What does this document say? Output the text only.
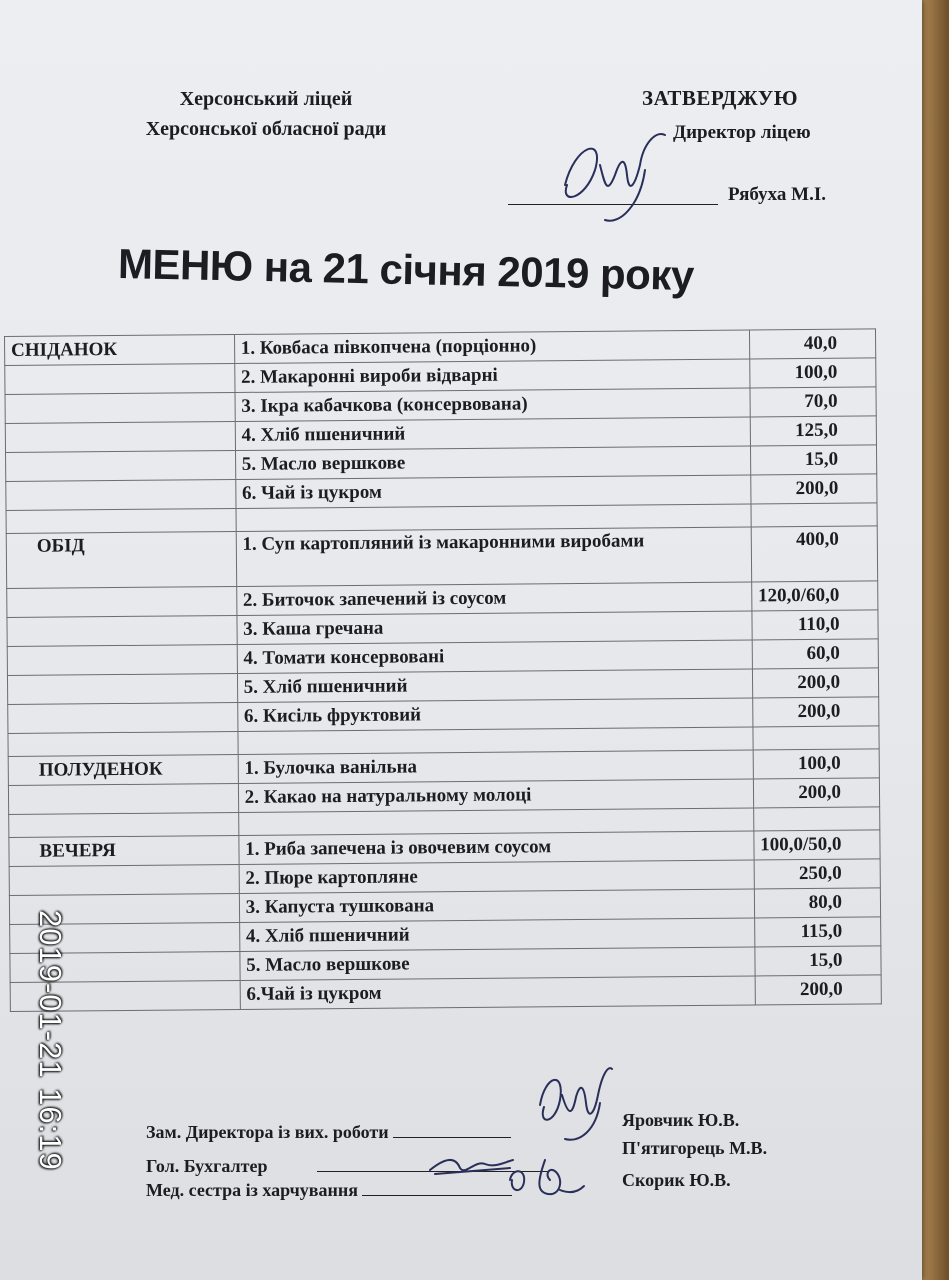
Херсонський ліцей
Херсонської обласної ради
ЗАТВЕРДЖУЮ
Директор ліцею
Рябуха М.І.
МЕНЮ на 21 січня 2019 року
СНІДАНОК	1. Ковбаса півкопчена (порціонно)	40,0
	2. Макаронні вироби відварні	100,0
	3. Ікра кабачкова (консервована)	70,0
	4. Хліб пшеничний	125,0
	5. Масло вершкове	15,0
	6. Чай із цукром	200,0

ОБІД	1. Суп картопляний із макаронними виробами	400,0
	2. Биточок запечений із соусом	120,0/60,0
	3. Каша гречана	110,0
	4. Томати консервовані	60,0
	5. Хліб пшеничний	200,0
	6. Кисіль фруктовий	200,0

ПОЛУДЕНОК	1. Булочка ванільна	100,0
	2. Какао на натуральному молоці	200,0

ВЕЧЕРЯ	1. Риба запечена із овочевим соусом	100,0/50,0
	2. Пюре картопляне	250,0
	3. Капуста тушкована	80,0
	4. Хліб пшеничний	115,0
	5. Масло вершкове	15,0
	6.Чай із цукром	200,0
Зам. Директора із вих. роботи
Яровчик Ю.В.
Гол. Бухгалтер
П'ятигорець М.В.
Мед. сестра із харчування	Скорик Ю.В.
2019-01-21 16:19
